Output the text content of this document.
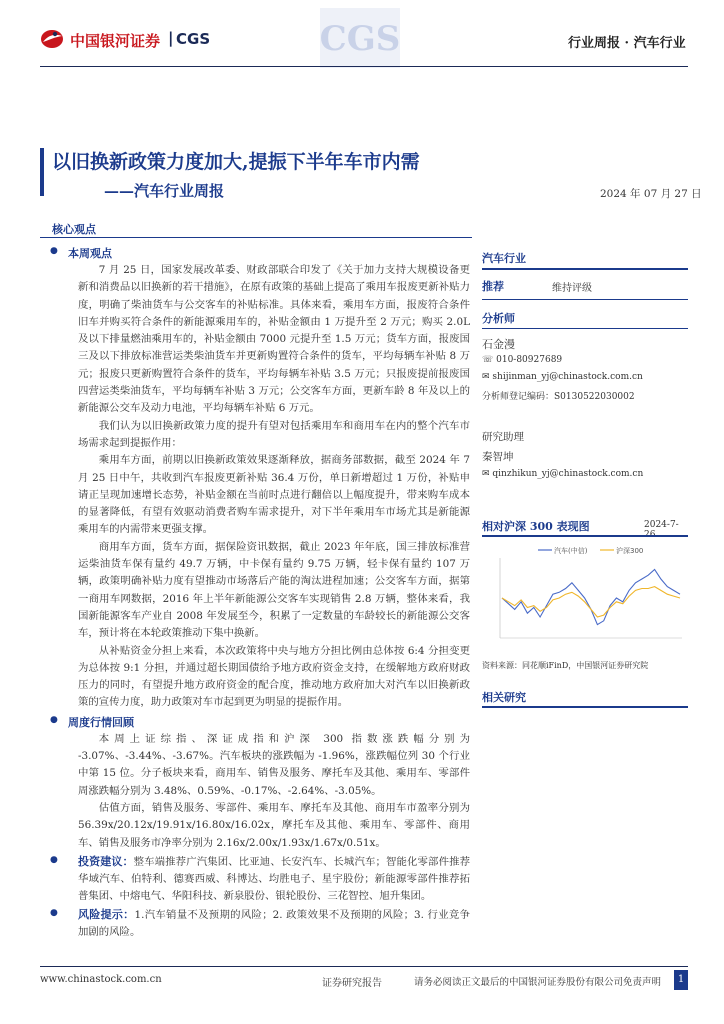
中国银河证券 | CGS	CGS	行业周报 · 汽车行业
以旧换新政策力度加大,提振下半年车市内需
——汽车行业周报	2024 年 07 月 27 日
核心观点
● 本周观点

7 月 25 日，国家发展改革委、财政部联合印发了《关于加力支持大规模设备更新和消费品以旧换新的若干措施》，在原有政策的基础上提高了乘用车报废更新补贴力度，明确了柴油货车与公交客车的补贴标准。具体来看，乘用车方面，报废符合条件旧车并购买符合条件的新能源乘用车的，补贴金额由 1 万提升至 2 万元；购买 2.0L 及以下排量燃油乘用车的，补贴金额由 7000 元提升至 1.5 万元；货车方面，报废国三及以下排放标准营运类柴油货车并更新购置符合条件的货车，平均每辆车补贴 8 万元；报废只更新购置符合条件的货车，平均每辆车补贴 3.5 万元；只报废提前报废国四营运类柴油货车，平均每辆车补贴 3 万元；公交客车方面，更新车龄 8 年及以上的新能源公交车及动力电池，平均每辆车补贴 6 万元。

我们认为以旧换新政策力度的提升有望对包括乘用车和商用车在内的整个汽车市场需求起到提振作用：

乘用车方面，前期以旧换新政策效果逐渐释放，据商务部数据，截至 2024 年 7 月 25 日中午，共收到汽车报废更新补贴 36.4 万份，单日新增超过 1 万份，补贴申请正呈现加速增长态势，补贴金额在当前时点进行翻倍以上幅度提升，带来购车成本的显著降低，有望有效驱动消费者购车需求提升，对下半年乘用车市场尤其是新能源乘用车的内需带来更强支撑。

商用车方面，货车方面，据保险资讯数据，截止 2023 年年底，国三排放标准营运柴油货车保有量约 49.7 万辆，中卡保有量约 9.75 万辆，轻卡保有量约 107 万辆，政策明确补贴力度有望推动市场落后产能的淘汰进程加速；公交客车方面，据第一商用车网数据，2016 年上半年新能源公交客车实现销售 2.8 万辆，整体来看，我国新能源客车产业自 2008 年发展至今，积累了一定数量的车龄较长的新能源公交客车，预计将在本轮政策推动下集中换新。

从补贴资金分担上来看，本次政策将中央与地方分担比例由总体按 6:4 分担变更为总体按 9:1 分担，并通过超长期国债给予地方政府资金支持，在缓解地方政府财政压力的同时，有望提升地方政府资金的配合度，推动地方政府加大对汽车以旧换新政策的宣传力度，助力政策对车市起到更为明显的提振作用。

● 周度行情回顾

本周上证综指、深证成指和沪深 300 指数涨跌幅分别为 -3.07%、-3.44%、-3.67%。汽车板块的涨跌幅为 -1.96%，涨跌幅位列 30 个行业中第 15 位。分子板块来看，商用车、销售及服务、摩托车及其他、乘用车、零部件周涨跌幅分别为 3.48%、0.59%、-0.17%、-2.64%、-3.05%。

估值方面，销售及服务、零部件、乘用车、摩托车及其他、商用车市盈率分别为 56.39x/20.12x/19.91x/16.80x/16.02x，摩托车及其他、乘用车、零部件、商用车、销售及服务市净率分别为 2.16x/2.00x/1.93x/1.67x/0.51x。

● 投资建议：整车端推荐广汽集团、比亚迪、长安汽车、长城汽车；智能化零部件推荐华域汽车、伯特利、德赛西威、科博达、均胜电子、星宇股份；新能源零部件推荐拓普集团、中熔电气、华阳科技、新泉股份、银轮股份、三花智控、旭升集团。

● 风险提示：1.汽车销量不及预期的风险；2. 政策效果不及预期的风险；3. 行业竞争加剧的风险。

汽车行业
推荐	维持评级
分析师
石金漫
☏ 010-80927689
✉ shijinman_yj@chinastock.com.cn
分析师登记编码：S0130522030002
研究助理
秦智坤
✉ qinzhikun_yj@chinastock.com.cn
相对沪深 300 表现图	2024-7-
汽车(中信)	沪深300
资料来源：同花顺iFinD，中国银河证券研究院
相关研究
www.chinastock.com.cn	证券研究报告	请务必阅读正文最后的中国银河证券股份有限公司免责声明	1
